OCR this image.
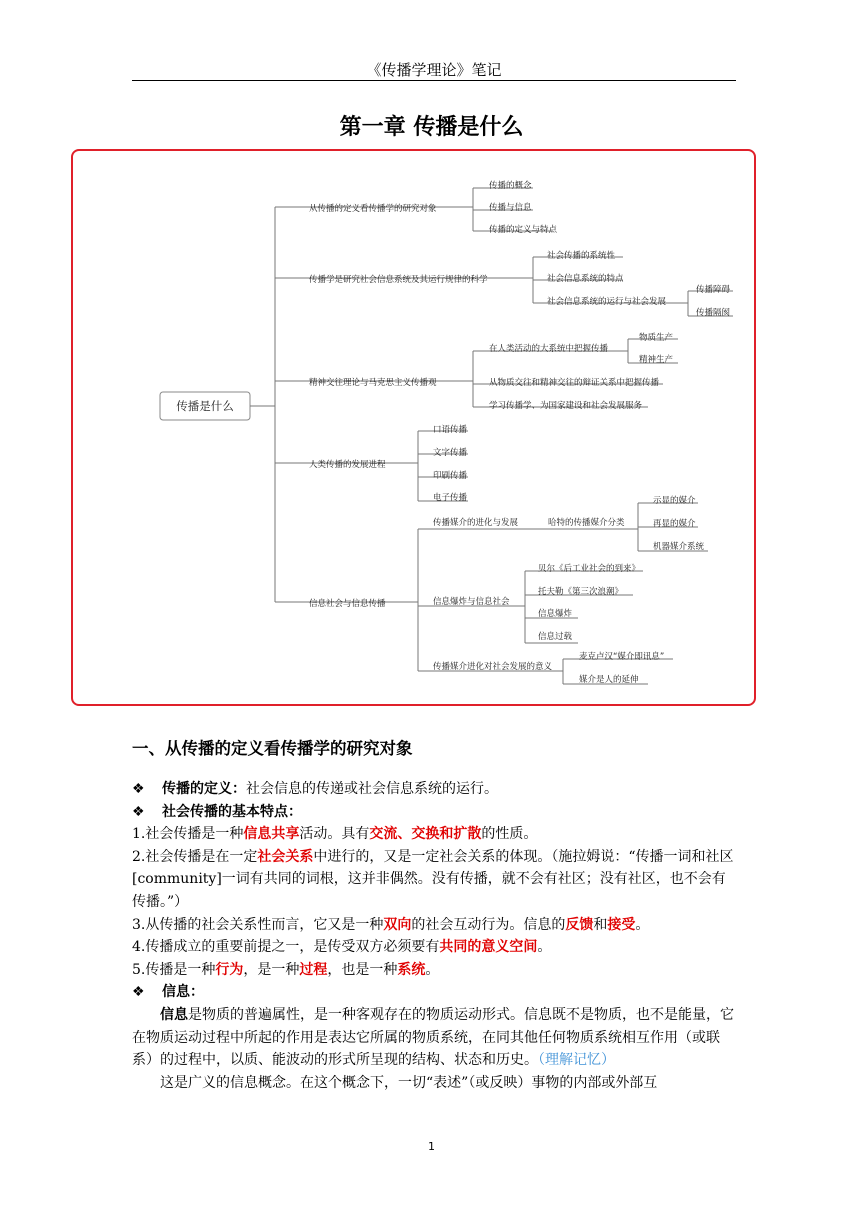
《传播学理论》笔记
第一章 传播是什么
传播是什么
从传播的定义看传播学的研究对象
传播学是研究社会信息系统及其运行规律的科学
精神交往理论与马克思主义传播观
人类传播的发展进程
信息社会与信息传播
传播的概念
传播与信息
传播的定义与特点
社会传播的系统性
社会信息系统的特点
社会信息系统的运行与社会发展
传播障碍
传播隔阂
在人类活动的大系统中把握传播
从物质交往和精神交往的辩证关系中把握传播
学习传播学、为国家建设和社会发展服务
物质生产
精神生产
口语传播
文字传播
印刷传播
电子传播
传播媒介的进化与发展
信息爆炸与信息社会
传播媒介进化对社会发展的意义
哈特的传播媒介分类
示显的媒介
再显的媒介
机器媒介系统
贝尔《后工业社会的到来》
托夫勒《第三次浪潮》
信息爆炸
信息过载
麦克卢汉“媒介即讯息”
媒介是人的延伸
一、从传播的定义看传播学的研究对象

❖ 传播的定义：社会信息的传递或社会信息系统的运行。

❖ 社会传播的基本特点：

1.社会传播是一种信息共享活动。具有交流、交换和扩散的性质。

2.社会传播是在一定社会关系中进行的，又是一定社会关系的体现。（施拉姆说：“传播一词和社区[community]一词有共同的词根，这并非偶然。没有传播，就不会有社区；没有社区，也不会有传播。”）

3.从传播的社会关系性而言，它又是一种双向的社会互动行为。信息的反馈和接受。

4.传播成立的重要前提之一，是传受双方必须要有共同的意义空间。

5.传播是一种行为，是一种过程，也是一种系统。

❖ 信息：

信息是物质的普遍属性，是一种客观存在的物质运动形式。信息既不是物质，也不是能量，它在物质运动过程中所起的作用是表达它所属的物质系统，在同其他任何物质系统相互作用（或联系）的过程中，以质、能波动的形式所呈现的结构、状态和历史。（理解记忆）

这是广义的信息概念。在这个概念下，一切“表述”（或反映）事物的内部或外部互

1
